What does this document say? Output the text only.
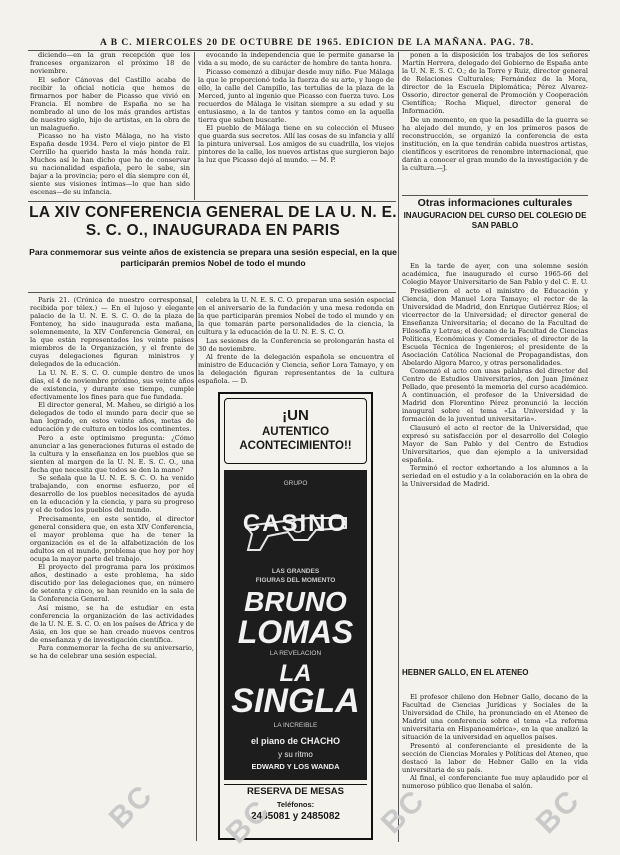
A B C. MIERCOLES 20 DE OCTUBRE DE 1965. EDICION DE LA MAÑANA. PAG. 78.

diciendo—en la gran recepción que los franceses organizaron el próximo 18 de noviembre.

El señor Cánovas del Castillo acaba de recibir la oficial noticia que hemos de firmarnos por haber de Picasso que vivió en Francia. El nombre de España no se ha nombrado al uno de los más grandes artistas de nuestro siglo, hijo de artistas, en la obra de un malagueño.

Picasso no ha visto Málaga, no ha visto España desde 1934. Pero el viejo pintor de El Cerrillo ha querido hasta la más honda raíz. Muchos así le han dicho que ha de conservar su nacionalidad española, pero le sabe, sin bajar a la provincia; pero el día siempre con él, siente sus visiones íntimas—lo que han sido escenas—de su infancia.

evocando la independencia que le permite ganarse la vida a su modo, de su carácter de hombre de tanta honra.

Picasso comenzó a dibujar desde muy niño. Fue Málaga la que le proporcionó toda la fuerza de su arte, y luego de ello, la calle del Campillo, las tertulias de la plaza de la Merced, junto al ingenio que Picasso con fuerza tuvo. Los recuerdos de Málaga le visitan siempre a su edad y su entusiasmo, a la de tantos y tantos como en la aquella tierra que suben buscarle.

El pueblo de Málaga tiene en su colección el Museo que guarda sus secretos. Allí las cosas de su infancia y allí la pintura universal. Los amigos de su cuadrilla, los viejos pintores de la calle, los nuevos artistas que surgieron bajo la luz que Picasso dejó al mundo. — M. P.

ponen a la disposición los trabajos de los señores Martín Herrera, delegado del Gobierno de España ante la U. N. E. S. C. O.; de la Torre y Ruiz, director general de Relaciones Culturales; Fernández de la Mora, director de la Escuela Diplomática; Pérez Alvarez-Ossorio, director general de Promoción y Cooperación Científica; Rocha Miquel, director general de Información.

De un momento, en que la pesadilla de la guerra se ha alejado del mundo, y en los primeros pasos de reconstrucción, se organizó la conferencia de esta institución, en la que tendrán cabida nuestros artistas, científicos y escritores de renombre internacional, que darán a conocer el gran mundo de la investigación y de la cultura.—J.

LA XIV CONFERENCIA GENERAL DE LA U. N. E. S. C. O., INAUGURADA EN PARIS
Para conmemorar sus veinte años de existencia se prepara una sesión especial, en la que participarán premios Nobel de todo el mundo

París 21. (Crónica de nuestro corresponsal, recibida por télex.) — En el lujoso y elegante palacio de la U. N. E. S. C. O. de la plaza de Fontenoy, ha sido inaugurada esta mañana, solemnemente, la XIV Conferencia General, en la que están representados los veinte países miembros de la Organización, y el frente de cuyas delegaciones figuran ministros y delegados de la educación.

La U. N. E. S. C. O. cumple dentro de unos días, el 4 de noviembre próximo, sus veinte años de existencia, y durante ese tiempo, cumple efectivamente los fines para que fue fundada.

El director general, M. Maheu, se dirigió a los delegados de todo el mundo para decir que se han logrado, en estos veinte años, metas de educación y de cultura en todos los continentes.

Pero a este optimismo pregunta: ¿Cómo anunciar a las generaciones futuras el estado de la cultura y la enseñanza en los pueblos que se sienten al margen de la U. N. E. S. C. O., una fecha que necesita que todos se den la mano?

Se señala que la U. N. E. S. C. O. ha venido trabajando, con enorme esfuerzo, por el desarrollo de los pueblos necesitados de ayuda en la educación y la ciencia, y para su progreso y el de todos los pueblos del mundo.

Precisamente, en este sentido, el director general considera que, en esta XIV Conferencia, el mayor problema que ha de tener la organización es el de la alfabetización de los adultos en el mundo, problema que hoy por hoy ocupa la mayor parte del trabajo.

El proyecto del programa para los próximos años, destinado a este problema, ha sido discutido por las delegaciones que, en número de setenta y cinco, se han reunido en la sala de la Conferencia General.

Así mismo, se ha de estudiar en esta conferencia la organización de las actividades de la U. N. E. S. C. O. en los países de África y de Asia, en los que se han creado nuevos centros de enseñanza y de investigación científica.

Para conmemorar la fecha de su aniversario, se ha de celebrar una sesión especial.

celebra la U. N. E. S. C. O. preparan una sesión especial en el aniversario de la fundación y una mesa redonda en la que participarán premios Nobel de todo el mundo y en la que tomarán parte personalidades de la ciencia, la cultura y la educación de la U. N. E. S. C. O.

Las sesiones de la Conferencia se prolongarán hasta el 30 de noviembre.

Al frente de la delegación española se encuentra el ministro de Educación y Ciencia, señor Lora Tamayo, y en la delegación figuran representantes de la cultura española. — D.

Otras informaciones culturales
INAUGURACION DEL CURSO DEL COLEGIO DE SAN PABLO

En la tarde de ayer, con una solemne sesión académica, fue inaugurado el curso 1965-66 del Colegio Mayor Universitario de San Pablo y del C. E. U.

Presidieron el acto el ministro de Educación y Ciencia, don Manuel Lora Tamayo; el rector de la Universidad de Madrid, don Enrique Gutiérrez Ríos; el vicerrector de la Universidad; el director general de Enseñanza Universitaria; el decano de la Facultad de Filosofía y Letras; el decano de la Facultad de Ciencias Políticas, Económicas y Comerciales; el director de la Escuela Técnica de Ingenieros; el presidente de la Asociación Católica Nacional de Propagandistas, don Abelardo Algora Marco, y otras personalidades.

Comenzó el acto con unas palabras del director del Centro de Estudios Universitarios, don Juan Jiménez Pellado, que presentó la memoria del curso académico. A continuación, el profesor de la Universidad de Madrid don Florentino Pérez pronunció la lección inaugural sobre el tema «La Universidad y la formación de la juventud universitaria».

Clausuró el acto el rector de la Universidad, que expresó su satisfacción por el desarrollo del Colegio Mayor de San Pablo y del Centro de Estudios Universitarios, que dan ejemplo a la universidad española.

Terminó el rector exhortando a los alumnos a la seriedad en el estudio y a la colaboración en la obra de la Universidad de Madrid.

HEBNER GALLO, EN EL ATENEO

El profesor chileno don Hebner Gallo, decano de la Facultad de Ciencias Jurídicas y Sociales de la Universidad de Chile, ha pronunciado en el Ateneo de Madrid una conferencia sobre el tema «La reforma universitaria en Hispanoamérica», en la que analizó la situación de la universidad en aquellos países.

Presentó al conferenciante el presidente de la sección de Ciencias Morales y Políticas del Ateneo, que destacó la labor de Hebner Gallo en la vida universitaria de su país.

Al final, el conferenciante fue muy aplaudido por el numeroso público que llenaba el salón.

¡UN
AUTENTICO
ACONTECIMIENTO!!
GRUPO
CASINO
LAS GRANDES
FIGURAS DEL MOMENTO
BRUNO
LOMAS
LA REVELACION
LA
SINGLA
LA INCREIBLE
el piano de CHACHO
y su ritmo
EDWARD Y LOS WANDA
RESERVA DE MESAS
Teléfonos:
2485081 y 2485082
BC BC	BC	BC
